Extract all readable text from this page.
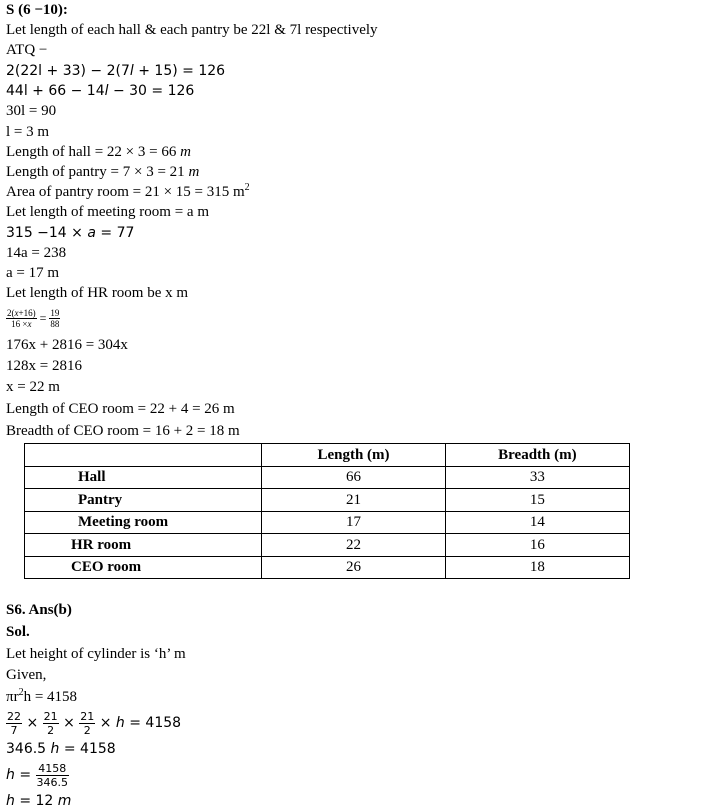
S (6 −10):
Let length of each hall & each pantry be 22l & 7l respectively
ATQ −
2(22l + 33) − 2(7l + 15) = 126
44l + 66 − 14l − 30 = 126
30l = 90
l = 3 m
Length of hall = 22 × 3 = 66 m
Length of pantry = 7 × 3 = 21 m
Area of pantry room = 21 × 15 = 315 $m^2$
Let length of meeting room = a m
315 −14 × a = 77
14a = 238
a = 17 m
Let length of HR room be x m
$\frac{2(x+16)}{16 \times x} = \frac{19}{88}$
176x + 2816 = 304x
128x = 2816
x = 22 m
Length of CEO room = 22 + 4 = 26 m
Breadth of CEO room = 16 + 2 = 18 m
S6. Ans(b)
Sol.
Let height of cylinder is ‘h’ m
Given,
$\pi r^2h = 4158$
$\frac{22}{7} \times \frac{21}{2} \times \frac{21}{2} \times h = 4158$
346.5 h = 4158
$h = \frac{4158}{346.5}$
h = 12 m
	Length (m)	Breadth (m)
Hall	66	33
Pantry	21	15
Meeting room	17	14
HR room	22	16
CEO room	26	18
